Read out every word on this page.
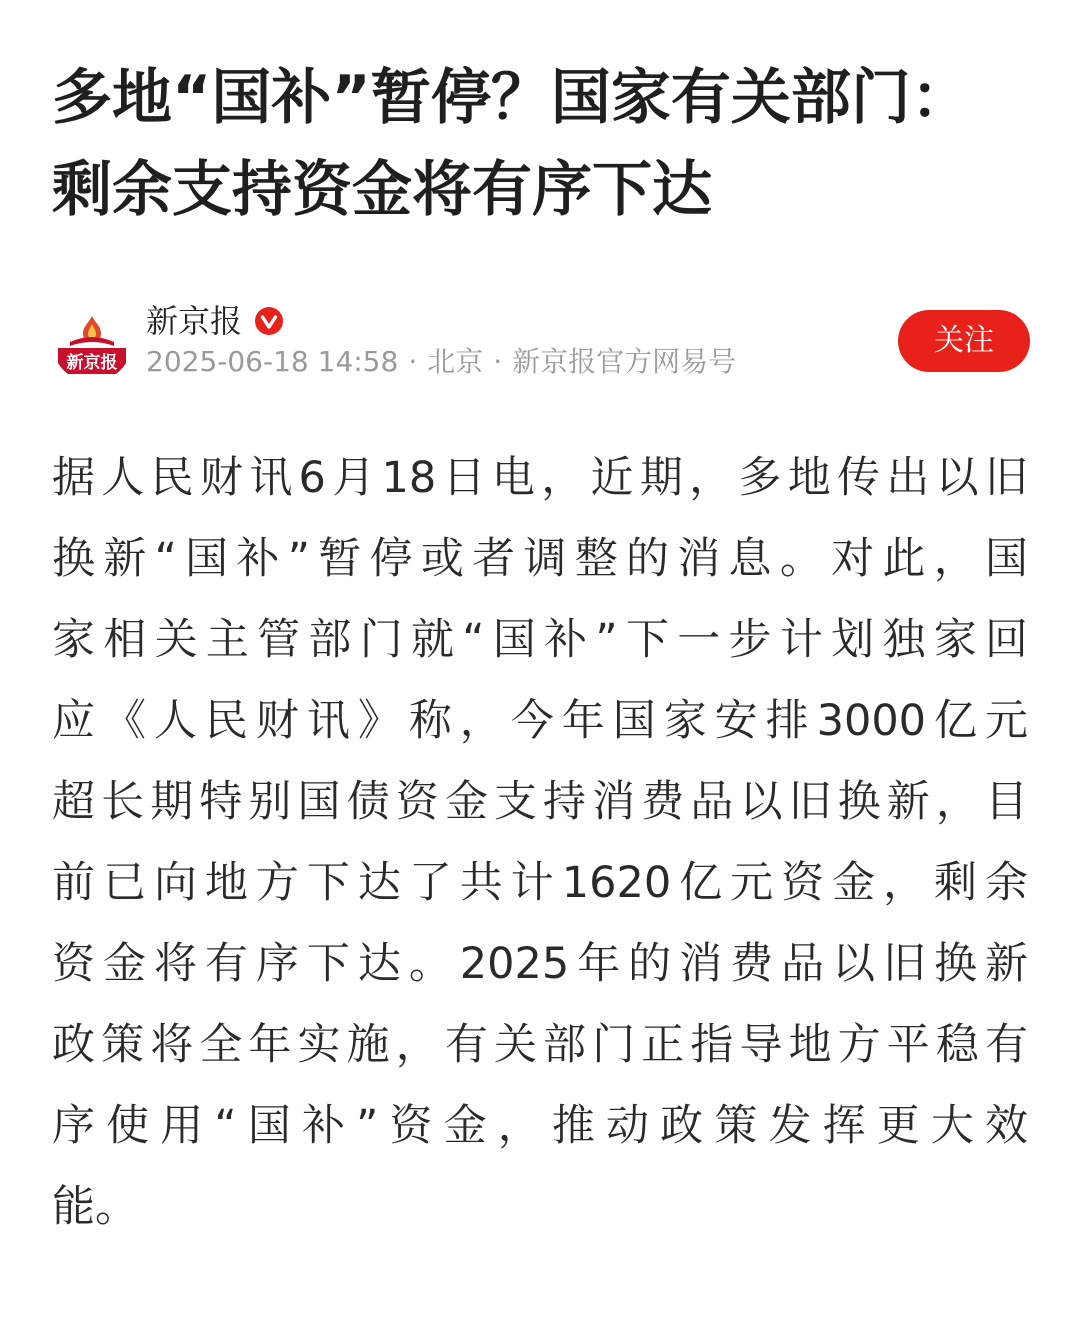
多地“国补”暂停？国家有关部门：
剩余支持资金将有序下达
新京报
新京报
2025-06-18 14:58 · 北京 · 新京报官方网易号
关注
据人民财讯6月18日电，近期，多地传出以旧
换新“国补”暂停或者调整的消息。对此，国
家相关主管部门就“国补”下一步计划独家回
应《人民财讯》称，今年国家安排3000亿元
超长期特别国债资金支持消费品以旧换新，目
前已向地方下达了共计1620亿元资金，剩余
资金将有序下达。2025年的消费品以旧换新
政策将全年实施，有关部门正指导地方平稳有
序使用“国补”资金，推动政策发挥更大效
能。
